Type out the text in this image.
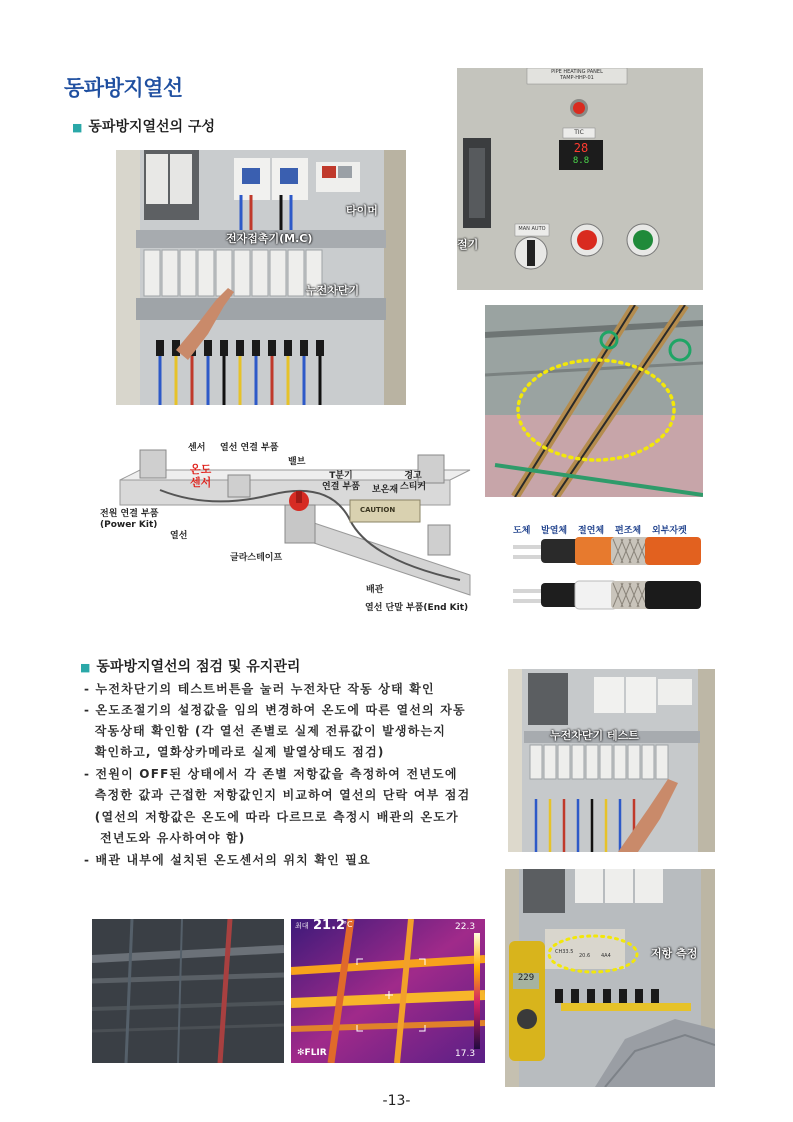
동파방지열선
■ 동파방지열선의 구성
타이머
전자접촉기(M.C)
누전차단기
PIPE HEATING PANEL
TAMP-HHP-01
TIC
28
8.8
MAN AUTO
절기
도체 발열체 절연체 편조체 외부자켓
센서 열선 연결 부품
온도
센서
밸브
T분기
연결 부품 보온재
경고
스티커
전원 연결 부품
(Power Kit)
열선
글라스테이프
CAUTION
배관
열선 단말 부품(End Kit)
■ 동파방지열선의 점검 및 유지관리
- 누전차단기의 테스트버튼을 눌러 누전차단 작동 상태 확인
- 온도조절기의 설정값을 임의 변경하여 온도에 따른 열선의 자동
작동상태 확인함 (각 열선 존별로 실제 전류값이 발생하는지
확인하고, 열화상카메라로 실제 발열상태도 점검)
- 전원이 OFF된 상태에서 각 존별 저항값을 측정하여 전년도에
측정한 값과 근접한 저항값인지 비교하여 열선의 단락 여부 점검
(열선의 저항값은 온도에 따라 다르므로 측정시 배관의 온도가
전년도와 유사하여야 함)
- 배관 내부에 설치된 온도센서의 위치 확인 필요
누전차단기 테스트
최대 21.2
°C	22.3
17.3
✻FLIR
저항 측정
229
CH33.5
20.6 4A4
-13-
